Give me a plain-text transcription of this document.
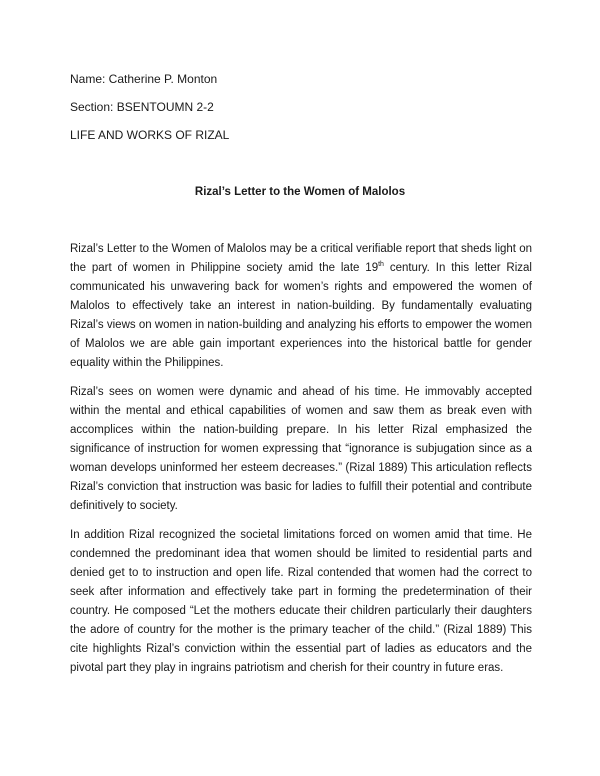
Name: Catherine P. Monton

Section: BSENTOUMN 2-2

LIFE AND WORKS OF RIZAL

Rizal’s Letter to the Women of Malolos

Rizal’s Letter to the Women of Malolos may be a critical verifiable report that sheds light on the part of women in Philippine society amid the late 19th century. In this letter Rizal communicated his unwavering back for women’s rights and empowered the women of Malolos to effectively take an interest in nation-building. By fundamentally evaluating Rizal’s views on women in nation-building and analyzing his efforts to empower the women of Malolos we are able gain important experiences into the historical battle for gender equality within the Philippines.

Rizal’s sees on women were dynamic and ahead of his time. He immovably accepted within the mental and ethical capabilities of women and saw them as break even with accomplices within the nation-building prepare. In his letter Rizal emphasized the significance of instruction for women expressing that “ignorance is subjugation since as a woman develops uninformed her esteem decreases.” (Rizal 1889) This articulation reflects Rizal’s conviction that instruction was basic for ladies to fulfill their potential and contribute definitively to society.

In addition Rizal recognized the societal limitations forced on women amid that time. He condemned the predominant idea that women should be limited to residential parts and denied get to to instruction and open life. Rizal contended that women had the correct to seek after information and effectively take part in forming the predetermination of their country. He composed “Let the mothers educate their children particularly their daughters the adore of country for the mother is the primary teacher of the child.” (Rizal 1889) This cite highlights Rizal’s conviction within the essential part of ladies as educators and the pivotal part they play in ingrains patriotism and cherish for their country in future eras.
